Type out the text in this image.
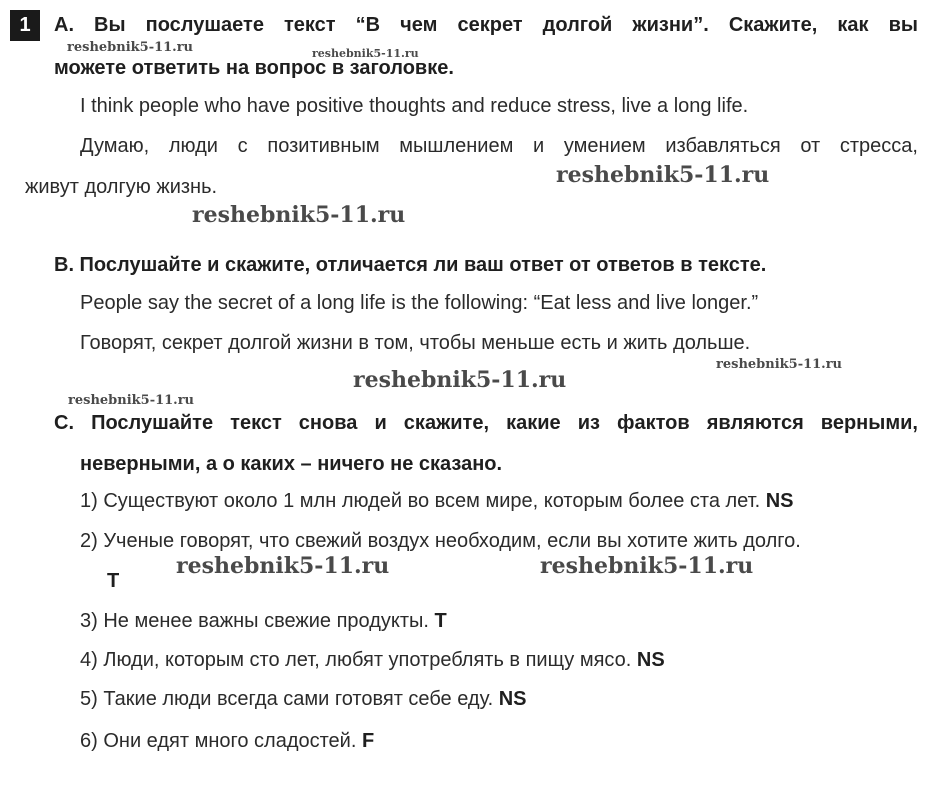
1	A. Вы послушаете текст “В чем секрет долгой жизни”. Скажите, как вы
можете ответить на вопрос в заголовке.
I think people who have positive thoughts and reduce stress, live a long life.
Думаю, люди с позитивным мышлением и умением избавляться от стресса,
живут долгую жизнь.
B. Послушайте и скажите, отличается ли ваш ответ от ответов в тексте.
People say the secret of a long life is the following: “Eat less and live longer.”
Говорят, секрет долгой жизни в том, чтобы меньше есть и жить дольше.
C. Послушайте текст снова и скажите, какие из фактов являются верными,
неверными, а о каких – ничего не сказано.
1) Существуют около 1 млн людей во всем мире, которым более ста лет. NS
2) Ученые говорят, что свежий воздух необходим, если вы хотите жить долго.
T
3) Не менее важны свежие продукты. T
4) Люди, которым сто лет, любят употреблять в пищу мясо. NS
5) Такие люди всегда сами готовят себе еду. NS
6) Они едят много сладостей. F
reshebnik5-11.ru	reshebnik5-11.ru
reshebnik5-11.ru
reshebnik5-11.ru
reshebnik5-11.ru
reshebnik5-11.ru
reshebnik5-11.ru
reshebnik5-11.ru	reshebnik5-11.ru
